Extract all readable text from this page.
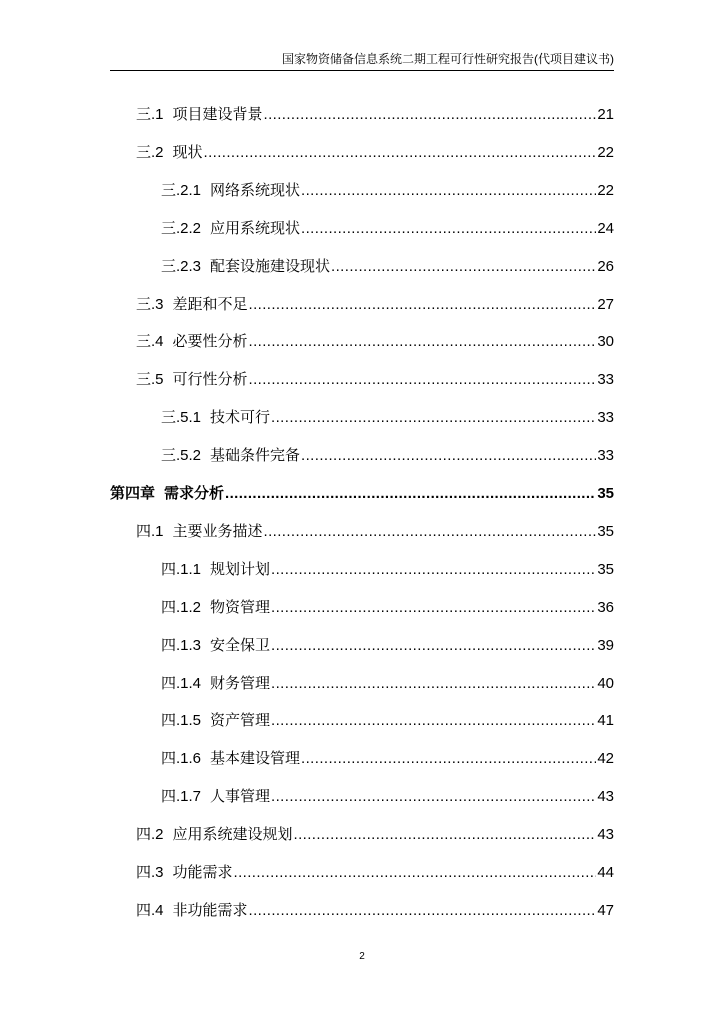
国家物资储备信息系统二期工程可行性研究报告(代项目建议书)
三.1 项目建设背景 .....	21
三.2 现状 .....	22
三.2.1 网络系统现状 .....	22
三.2.2 应用系统现状 .....	24
三.2.3 配套设施建设现状 .....	26
三.3 差距和不足 .....	27
三.4 必要性分析 .....	30
三.5 可行性分析 .....	33
三.5.1 技术可行 .....	33
三.5.2 基础条件完备 .....	33
第四章 需求分析 .....	35
四.1 主要业务描述 .....	35
四.1.1 规划计划 .....	35
四.1.2 物资管理 .....	36
四.1.3 安全保卫 .....	39
四.1.4 财务管理 .....	40
四.1.5 资产管理 .....	41
四.1.6 基本建设管理 .....	42
四.1.7 人事管理 .....	43
四.2 应用系统建设规划 .....	43
四.3 功能需求 .....	44
四.4 非功能需求 .....	47
2
